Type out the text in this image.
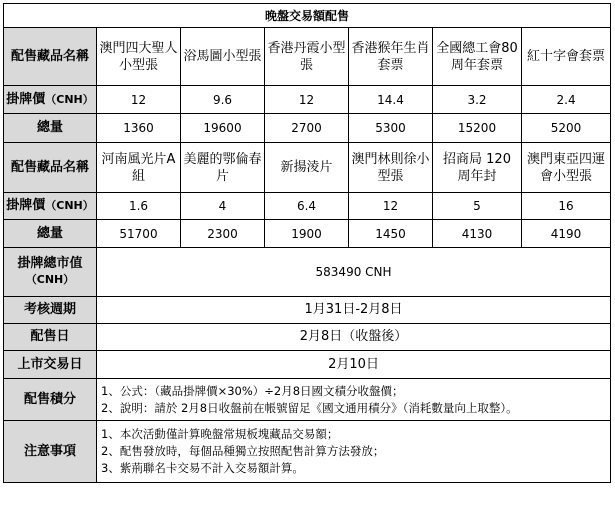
晚盤交易額配售						
配售藏品名稱	澳門四大聖人小型張	浴馬圖小型張	香港丹霞小型張	香港猴年生肖套票	全國總工會80周年套票	紅十字會套票
掛牌價（CNH）	12	9.6	12	14.4	3.2	2.4
總量	1360	19600	2700	5300	15200	5200
配售藏品名稱	河南風光片A組	美麗的鄂倫春片	新揚淩片	澳門林則徐小型張	招商局 120 周年封	澳門東亞四運會小型張
掛牌價（CNH）	1.6	4	6.4	12	5	16
總量	51700	2300	1900	1450	4130	4190

掛牌總市值
（CNH）	583490 CNH					
考核週期	1月31日-2月8日					
配售日	2月8日（收盤後）					
上市交易日	2月10日					
配售積分	1、公式：（藏品掛牌價×30%）÷2月8日國文積分收盤價；
2、說明：請於 2月8日收盤前在帳號留足《國文通用積分》（消耗數量向上取整）。					

注意事項	1、本次活動僅計算晚盤常規板塊藏品交易額；
2、配售發放時，每個品種獨立按照配售計算方法發放；
3、紫荊聯名卡交易不計入交易額計算。					
